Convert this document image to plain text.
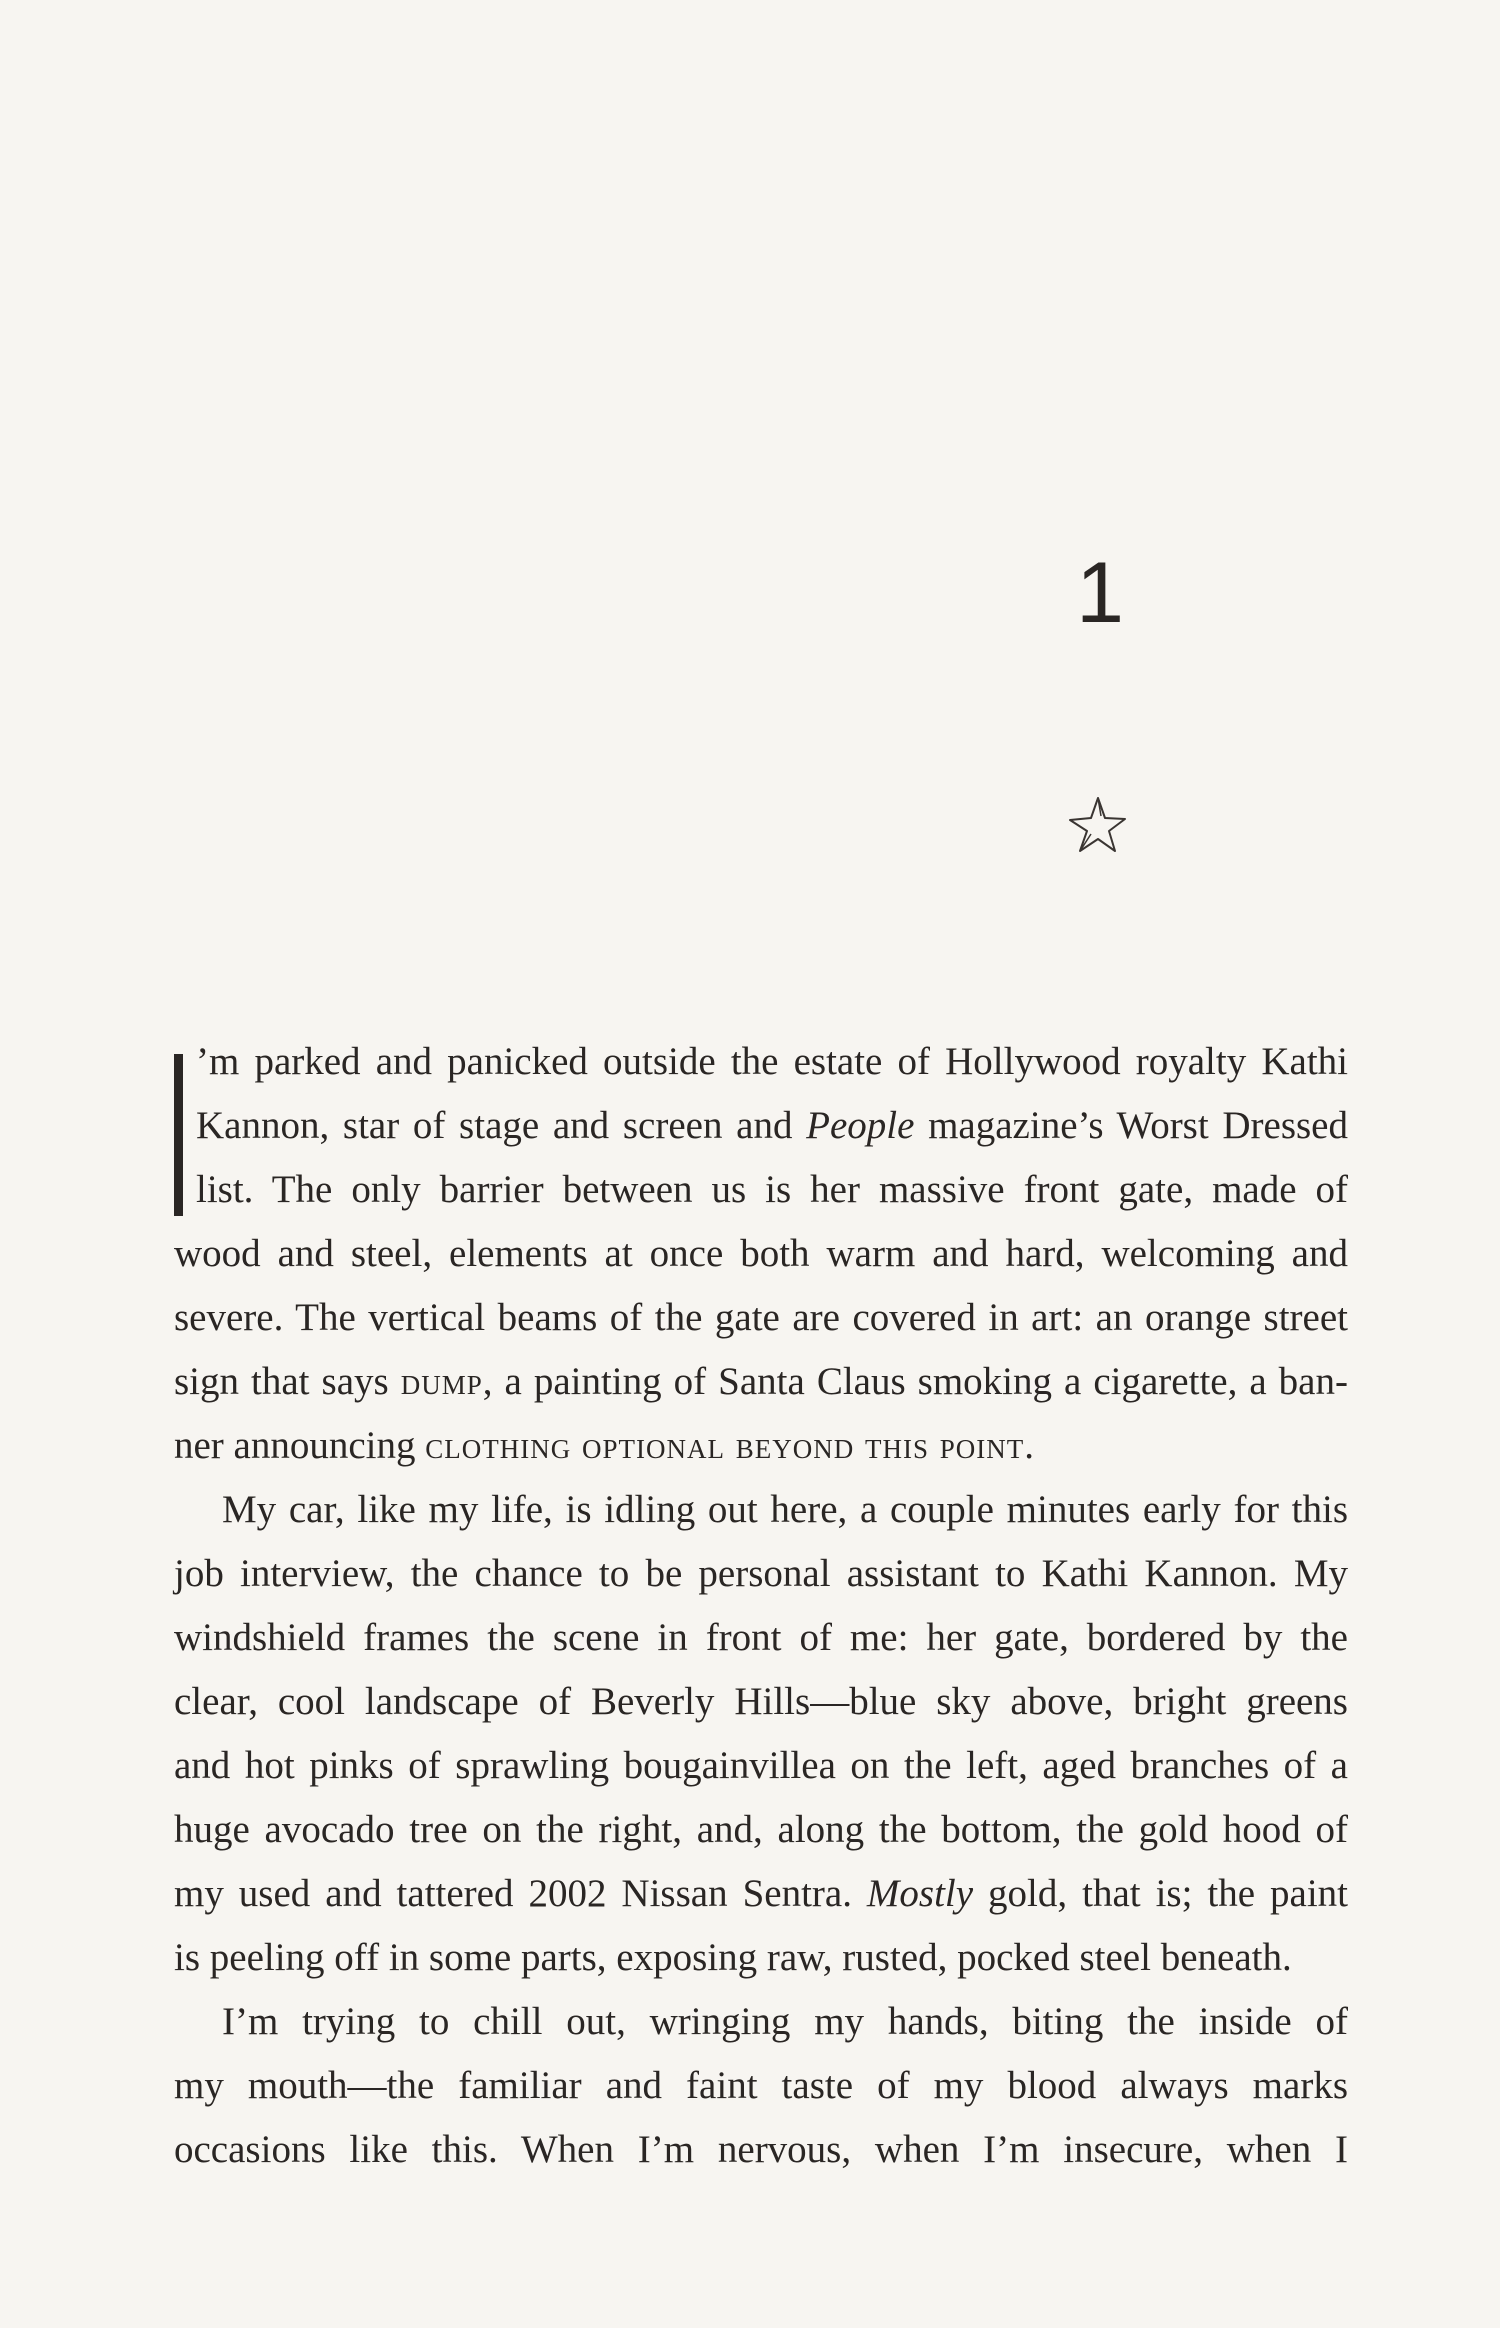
1
’m parked and panicked outside the estate of Hollywood royalty Kathi
Kannon, star of stage and screen and People magazine’s Worst Dressed
list. The only barrier between us is her massive front gate, made of
wood and steel, elements at once both warm and hard, welcoming and
severe. The vertical beams of the gate are covered in art: an orange street
sign that says dump, a painting of Santa Claus smoking a cigarette, a ban-
ner announcing clothing optional beyond this point.
My car, like my life, is idling out here, a couple minutes early for this
job interview, the chance to be personal assistant to Kathi Kannon. My
windshield frames the scene in front of me: her gate, bordered by the
clear, cool landscape of Beverly Hills—blue sky above, bright greens
and hot pinks of sprawling bougainvillea on the left, aged branches of a
huge avocado tree on the right, and, along the bottom, the gold hood of
my used and tattered 2002 Nissan Sentra. Mostly gold, that is; the paint
is peeling off in some parts, exposing raw, rusted, pocked steel beneath.
I’m trying to chill out, wringing my hands, biting the inside of
my mouth—the familiar and faint taste of my blood always marks
occasions like this. When I’m nervous, when I’m insecure, when I
